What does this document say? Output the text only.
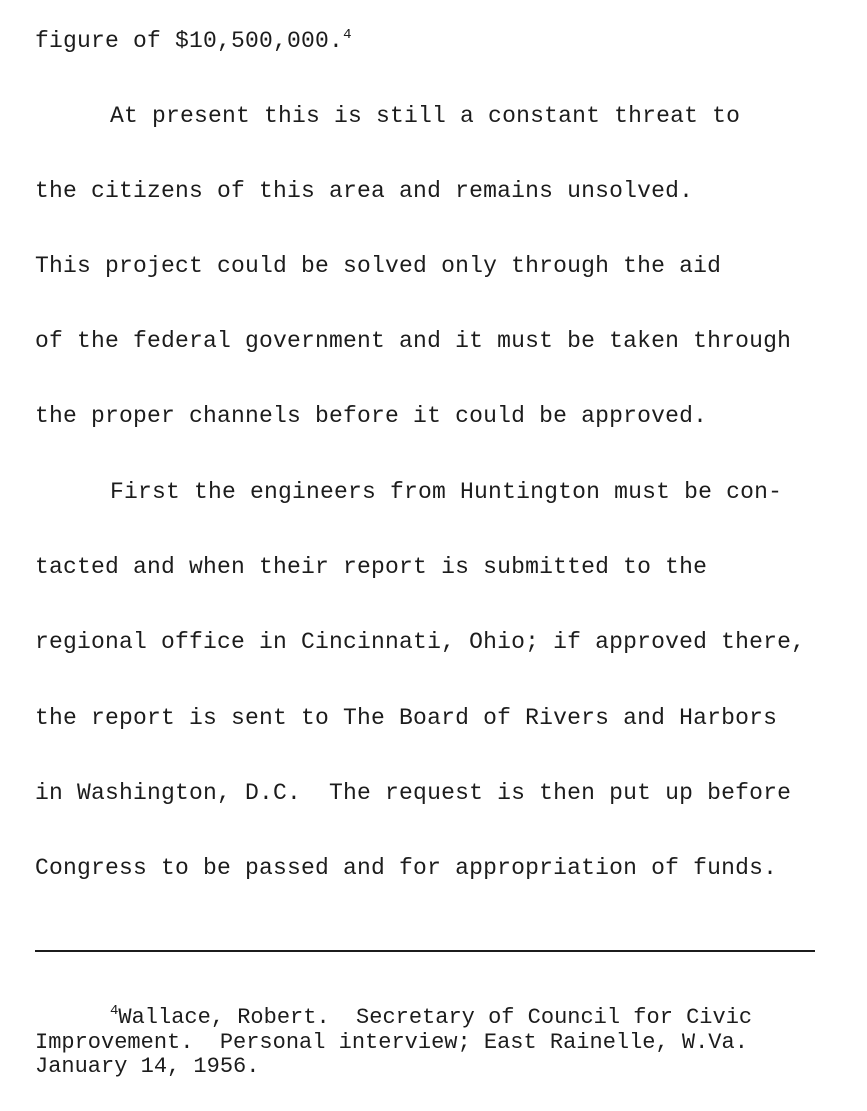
figure of $10,500,000.$^4$

At present this is still a constant threat to

the citizens of this area and remains unsolved.

This project could be solved only through the aid

of the federal government and it must be taken through

the proper channels before it could be approved.

First the engineers from Huntington must be con-

tacted and when their report is submitted to the

regional office in Cincinnati, Ohio; if approved there,

the report is sent to The Board of Rivers and Harbors

in Washington, D.C.  The request is then put up before

Congress to be passed and for appropriation of funds.

$^4$Wallace, Robert.  Secretary of Council for Civic

Improvement.  Personal interview; East Rainelle, W.Va.

January 14, 1956.
